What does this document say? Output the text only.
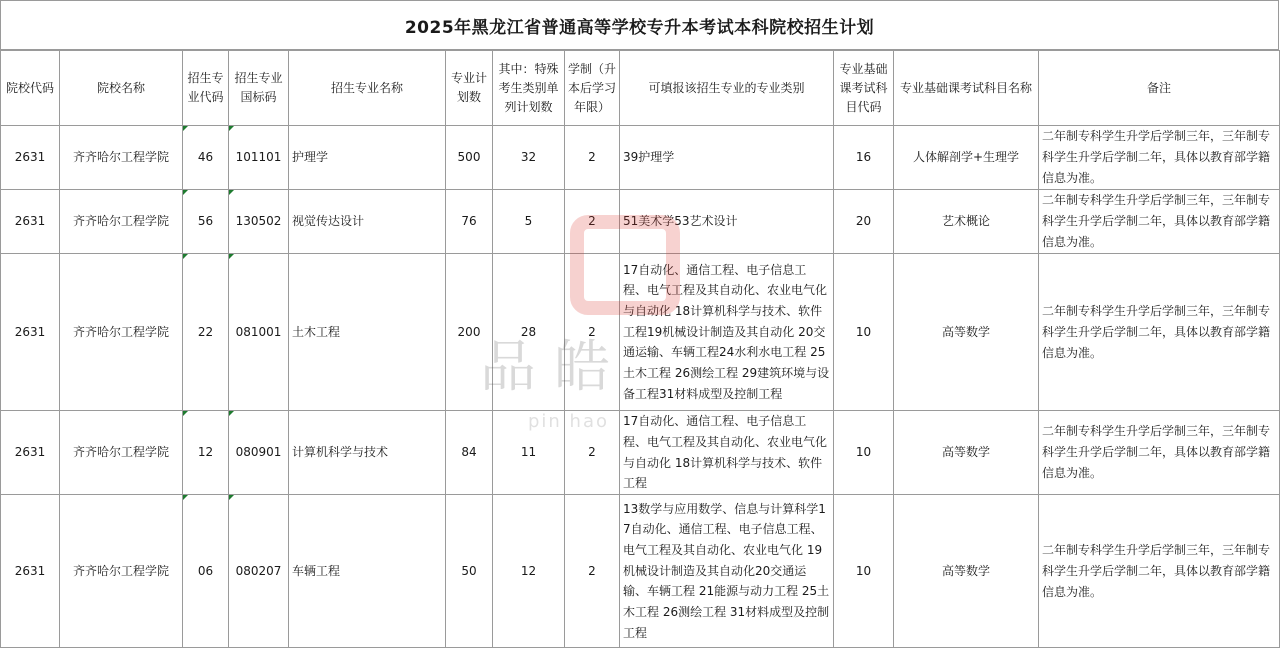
2025年黑龙江省普通高等学校专升本考试本科院校招生计划
院校代码	院校名称	招生专业代码	招生专业国标码	招生专业名称	专业计划数	其中：特殊考生类别单列计划数	学制（升本后学习年限）	可填报该招生专业的专业类别	专业基础课考试科目代码	专业基础课考试科目名称	备注
2631	齐齐哈尔工程学院	46	101101	护理学	500	32	2	39护理学	16	人体解剖学+生理学	二年制专科学生升学后学制三年，三年制专科学生升学后学制二年，具体以教育部学籍信息为准。
2631	齐齐哈尔工程学院	56	130502	视觉传达设计	76	5	2	51美术学53艺术设计	20	艺术概论	二年制专科学生升学后学制三年，三年制专科学生升学后学制二年，具体以教育部学籍信息为准。
2631	齐齐哈尔工程学院	22	081001	土木工程	200	28	2	17自动化、通信工程、电子信息工程、电气工程及其自动化、农业电气化与自动化 18计算机科学与技术、软件工程19机械设计制造及其自动化 20交通运输、车辆工程24水利水电工程 25土木工程 26测绘工程 29建筑环境与设备工程31材料成型及控制工程	10	高等数学	二年制专科学生升学后学制三年，三年制专科学生升学后学制二年，具体以教育部学籍信息为准。
2631	齐齐哈尔工程学院	12	080901	计算机科学与技术	84	11	2	17自动化、通信工程、电子信息工程、电气工程及其自动化、农业电气化与自动化 18计算机科学与技术、软件工程	10	高等数学	二年制专科学生升学后学制三年，三年制专科学生升学后学制二年，具体以教育部学籍信息为准。
2631	齐齐哈尔工程学院	06	080207	车辆工程	50	12	2	13数学与应用数学、信息与计算科学17自动化、通信工程、电子信息工程、电气工程及其自动化、农业电气化 19机械设计制造及其自动化20交通运输、车辆工程 21能源与动力工程 25土木工程 26测绘工程 31材料成型及控制工程	10	高等数学	二年制专科学生升学后学制三年，三年制专科学生升学后学制二年，具体以教育部学籍信息为准。
品皓
pin hao
